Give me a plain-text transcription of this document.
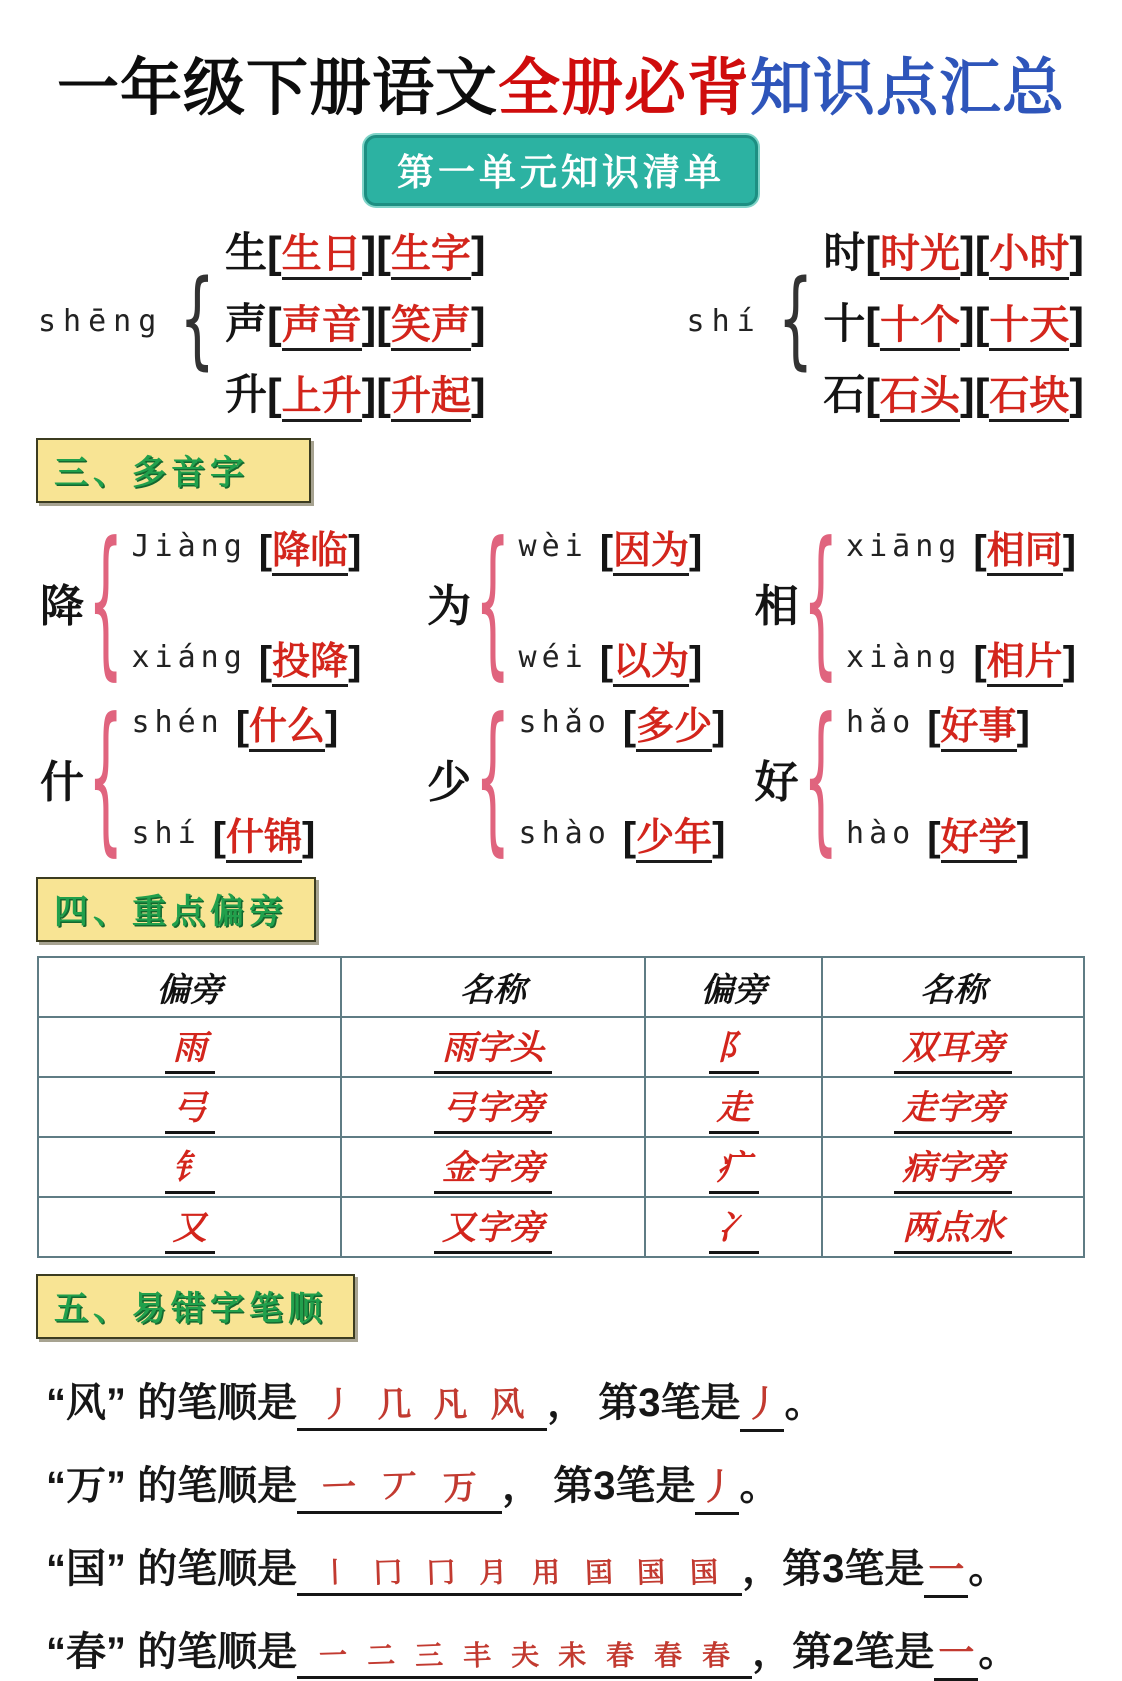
一年级下册语文全册必背知识点汇总
第一单元知识清单
shēng {
生 [ 生日 ] [ 生字 ]
声 [ 声音 ] [ 笑声 ]
升 [ 上升 ] [ 升起 ]
shí {
时 [ 时光 ] [ 小时 ]
十 [ 十个 ] [ 十天 ]
石 [ 石头 ] [ 石块 ]
三、多音字
降 { Jiàng [ 降临 ]
xiáng [ 投降 ]
为 { wèi [ 因为 ]
wéi [ 以为 ]
相 { xiāng [ 相同 ]
xiàng [ 相片 ]
什 { shén [ 什么 ]
shí [ 什锦 ]
少 { shǎo [ 多少 ]
shào [ 少年 ]
好 { hǎo [ 好事 ]
hào [ 好学 ]
四、重点偏旁
偏旁	名称	偏旁	名称
雨	雨字头	阝	双耳旁
弓	弓字旁	走	走字旁
钅	金字旁	疒	病字旁
又	又字旁	冫	两点水
五、易错字笔顺
“风” 的笔顺是 丿 几 凡 风 ， 第3笔是 丿 。
“万” 的笔顺是 一 丆 万 ， 第3笔是 丿 。
“国” 的笔顺是 丨 冂 冂 月 用 囯 国 国 ，第3笔是 一 。
“春” 的笔顺是 一 二 三 丰 夫 未 春 春 春 ，第2笔是 一 。
